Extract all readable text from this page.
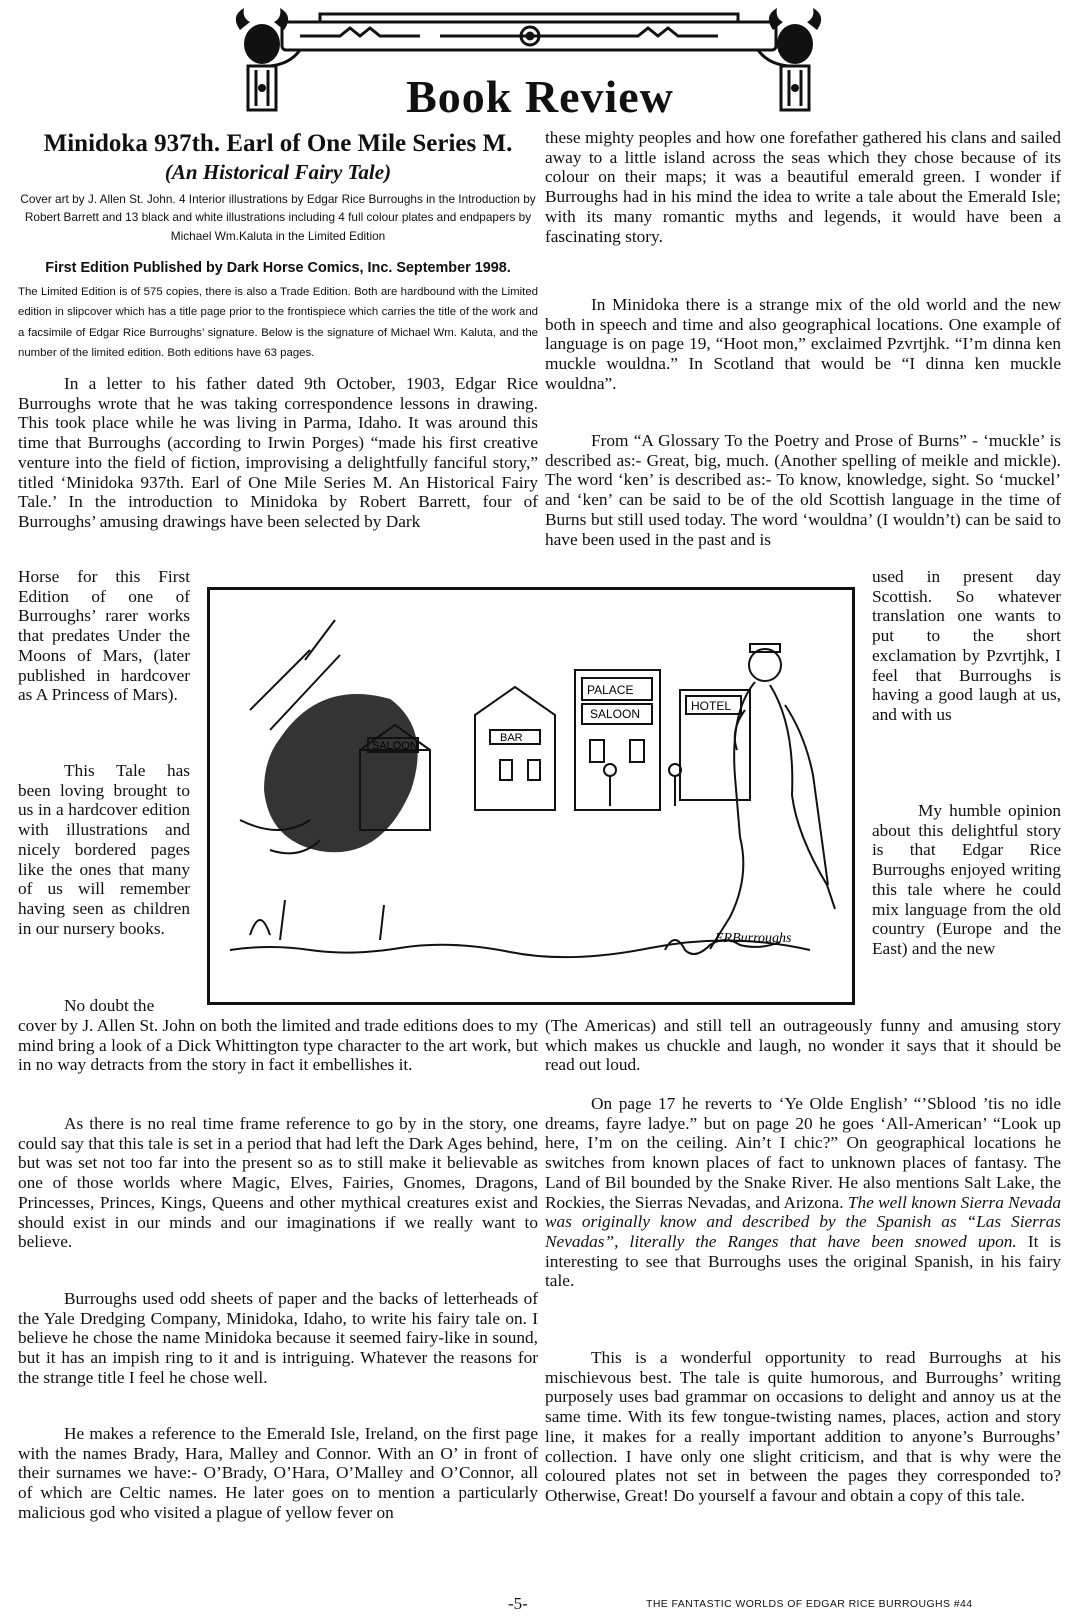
Book Review
Minidoka 937th. Earl of One Mile Series M.
(An Historical Fairy Tale)

Cover art by J. Allen St. John. 4 Interior illustrations by Edgar Rice Burroughs in the Introduction by Robert Barrett and 13 black and white illustrations including 4 full colour plates and endpapers by Michael Wm.Kaluta in the Limited Edition

First Edition Published by Dark Horse Comics, Inc. September 1998.

The Limited Edition is of 575 copies, there is also a Trade Edition. Both are hardbound with the Limited edition in slipcover which has a title page prior to the frontispiece which carries the title of the work and a facsimile of Edgar Rice Burroughs’ signature. Below is the signature of Michael Wm. Kaluta, and the number of the limited edition. Both editions have 63 pages.

In a letter to his father dated 9th October, 1903, Edgar Rice Burroughs wrote that he was taking correspondence lessons in drawing. This took place while he was living in Parma, Idaho. It was around this time that Burroughs (according to Irwin Porges) “made his first creative venture into the field of fiction, improvising a delightfully fanciful story,” titled ‘Minidoka 937th. Earl of One Mile Series M. An Historical Fairy Tale.’ In the introduction to Minidoka by Robert Barrett, four of Burroughs’ amusing drawings have been selected by Dark

Horse for this First Edition of one of Burroughs’ rarer works that predates Under the Moons of Mars, (later published in hardcover as A Princess of Mars).

This Tale has been loving brought to us in a hardcover edition with illustrations and nicely bordered pages like the ones that many of us will remember having seen as children in our nursery books.

No doubt the

cover by J. Allen St. John on both the limited and trade editions does to my mind bring a look of a Dick Whittington type character to the art work, but in no way detracts from the story in fact it embellishes it.

As there is no real time frame reference to go by in the story, one could say that this tale is set in a period that had left the Dark Ages behind, but was set not too far into the present so as to still make it believable as one of those worlds where Magic, Elves, Fairies, Gnomes, Dragons, Princesses, Princes, Kings, Queens and other mythical creatures exist and should exist in our minds and our imaginations if we really want to believe.

Burroughs used odd sheets of paper and the backs of letterheads of the Yale Dredging Company, Minidoka, Idaho, to write his fairy tale on. I believe he chose the name Minidoka because it seemed fairy-like in sound, but it has an impish ring to it and is intriguing. Whatever the reasons for the strange title I feel he chose well.

He makes a reference to the Emerald Isle, Ireland, on the first page with the names Brady, Hara, Malley and Connor. With an O’ in front of their surnames we have:- O’Brady, O’Hara, O’Malley and O’Connor, all of which are Celtic names. He later goes on to mention a particularly malicious god who visited a plague of yellow fever on

these mighty peoples and how one forefather gathered his clans and sailed away to a little island across the seas which they chose because of its colour on their maps; it was a beautiful emerald green. I wonder if Burroughs had in his mind the idea to write a tale about the Emerald Isle; with its many romantic myths and legends, it would have been a fascinating story.

In Minidoka there is a strange mix of the old world and the new both in speech and time and also geographical locations. One example of language is on page 19, “Hoot mon,” exclaimed Pzvrtjhk. “I’m dinna ken muckle wouldna.” In Scotland that would be “I dinna ken muckle wouldna”.

From “A Glossary To the Poetry and Prose of Burns” - ‘muckle’ is described as:- Great, big, much. (Another spelling of meikle and mickle). The word ‘ken’ is described as:- To know, knowledge, sight. So ‘muckel’ and ‘ken’ can be said to be of the old Scottish language in the time of Burns but still used today. The word ‘wouldna’ (I wouldn’t) can be said to have been used in the past and is

used in present day Scottish. So whatever translation one wants to put to the short exclamation by Pzvrtjhk, I feel that Burroughs is having a good laugh at us, and with us

My humble opinion about this delightful story is that Edgar Rice Burroughs enjoyed writing this tale where he could mix language from the old country (Europe and the East) and the new

(The Americas) and still tell an outrageously funny and amusing story which makes us chuckle and laugh, no wonder it says that it should be read out loud.

On page 17 he reverts to ‘Ye Olde English’ “’Sblood ’tis no idle dreams, fayre ladye.” but on page 20 he goes ‘All-American’ “Look up here, I’m on the ceiling. Ain’t I chic?” On geographical locations he switches from known places of fact to unknown places of fantasy. The Land of Bil bounded by the Snake River. He also mentions Salt Lake, the Rockies, the Sierras Nevadas, and Arizona. The well known Sierra Nevada was originally know and described by the Spanish as “Las Sierras Nevadas”, literally the Ranges that have been snowed upon. It is interesting to see that Burroughs uses the original Spanish, in his fairy tale.

This is a wonderful opportunity to read Burroughs at his mischievous best. The tale is quite humorous, and Burroughs’ writing purposely uses bad grammar on occasions to delight and annoy us at the same time. With its few tongue-twisting names, places, action and story line, it makes for a really important addition to anyone’s Burroughs’ collection. I have only one slight criticism, and that is why were the coloured plates not set in between the pages they corresponded to? Otherwise, Great! Do yourself a favour and obtain a copy of this tale.

PALACE
SALOON
HOTEL
BAR
SALOON
ERBurroughs
-5-	THE FANTASTIC WORLDS OF EDGAR RICE BURROUGHS #44
